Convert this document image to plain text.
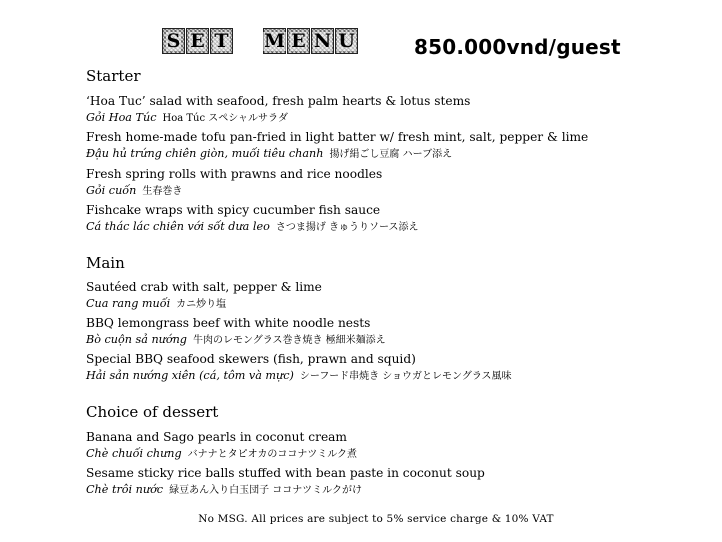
S E T M E N U	850.000vnd/guest
Starter
‘Hoa Tuc’ salad with seafood, fresh palm hearts & lotus stems
Gỏi Hoa Túc Hoa Túc スペシャルサラダ
Fresh home-made tofu pan-fried in light batter w/ fresh mint, salt, pepper & lime
Đậu hủ trứng chiên giòn, muối tiêu chanh 揚げ絹ごし豆腐 ハーブ添え
Fresh spring rolls with prawns and rice noodles
Gỏi cuốn 生春巻き
Fishcake wraps with spicy cucumber fish sauce
Cá thác lác chiên với sốt dưa leo さつま揚げ きゅうりソース添え
Main
Sautéed crab with salt, pepper & lime
Cua rang muối カニ炒り塩
BBQ lemongrass beef with white noodle nests
Bò cuộn sả nướng 牛肉のレモングラス巻き焼き 極細米麺添え
Special BBQ seafood skewers (fish, prawn and squid)
Hải sản nướng xiên (cá, tôm và mực) シーフード串焼き ショウガとレモングラス風味
Choice of dessert
Banana and Sago pearls in coconut cream
Chè chuối chưng バナナとタピオカのココナツミルク煮
Sesame sticky rice balls stuffed with bean paste in coconut soup
Chè trôi nước 緑豆あん入り白玉団子 ココナツミルクがけ
No MSG. All prices are subject to 5% service charge & 10% VAT
